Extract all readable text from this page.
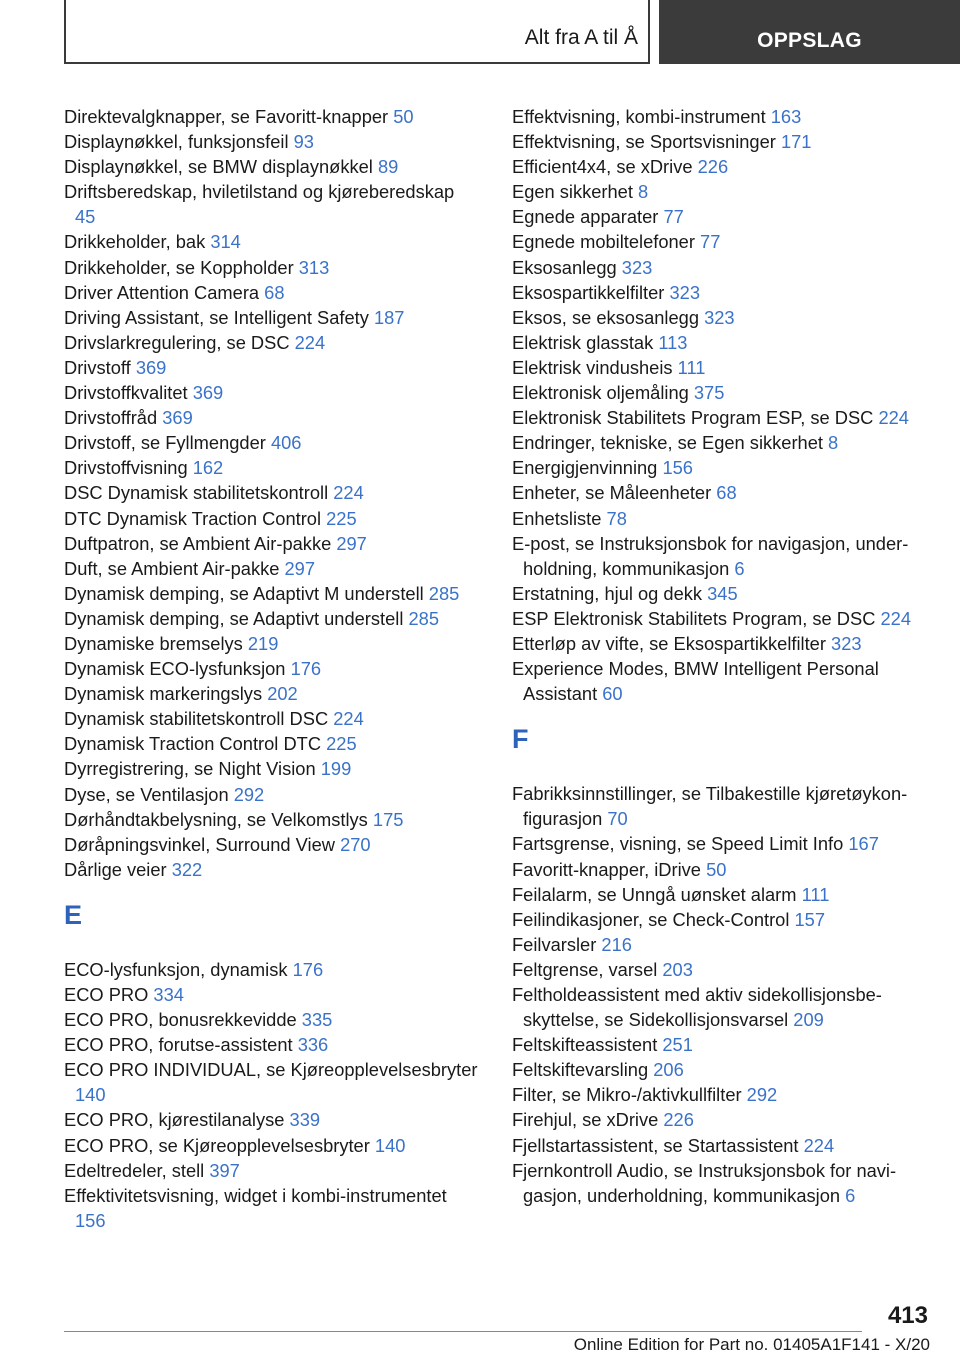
Alt fra A til Å	OPPSLAG
Direktevalgknapper, se Favoritt-knapper 50
Displaynøkkel, funksjonsfeil 93
Displaynøkkel, se BMW displaynøkkel 89
Driftsberedskap, hviletilstand og kjøreberedskap 45
Drikkeholder, bak 314
Drikkeholder, se Koppholder 313
Driver Attention Camera 68
Driving Assistant, se Intelligent Safety 187
Drivslarkregulering, se DSC 224
Drivstoff 369
Drivstoffkvalitet 369
Drivstoffråd 369
Drivstoff, se Fyllmengder 406
Drivstoffvisning 162
DSC Dynamisk stabilitetskontroll 224
DTC Dynamisk Traction Control 225
Duftpatron, se Ambient Air-pakke 297
Duft, se Ambient Air-pakke 297
Dynamisk demping, se Adaptivt M understell 285
Dynamisk demping, se Adaptivt understell 285
Dynamiske bremselys 219
Dynamisk ECO-lysfunksjon 176
Dynamisk markeringslys 202
Dynamisk stabilitetskontroll DSC 224
Dynamisk Traction Control DTC 225
Dyrregistrering, se Night Vision 199
Dyse, se Ventilasjon 292
Dørhåndtakbelysning, se Velkomstlys 175
Døråpningsvinkel, Surround View 270
Dårlige veier 322
E
ECO-lysfunksjon, dynamisk 176
ECO PRO 334
ECO PRO, bonusrekkevidde 335
ECO PRO, forutse-assistent 336
ECO PRO INDIVIDUAL, se Kjøreopplevelsesbryter 140
ECO PRO, kjørestilanalyse 339
ECO PRO, se Kjøreopplevelsesbryter 140
Edeltredeler, stell 397
Effektivitetsvisning, widget i kombi-instrumentet 156
Effektvisning, kombi-instrument 163
Effektvisning, se Sportsvisninger 171
Efficient4x4, se xDrive 226
Egen sikkerhet 8
Egnede apparater 77
Egnede mobiltelefoner 77
Eksosanlegg 323
Eksospartikkelfilter 323
Eksos, se eksosanlegg 323
Elektrisk glasstak 113
Elektrisk vindusheis 111
Elektronisk oljemåling 375
Elektronisk Stabilitets Program ESP, se DSC 224
Endringer, tekniske, se Egen sikkerhet 8
Energigjenvinning 156
Enheter, se Måleenheter 68
Enhetsliste 78
E-post, se Instruksjonsbok for navigasjon, underholdning, kommunikasjon 6
Erstatning, hjul og dekk 345
ESP Elektronisk Stabilitets Program, se DSC 224
Etterløp av vifte, se Eksospartikkelfilter 323
Experience Modes, BMW Intelligent Personal Assistant 60
F
Fabrikksinnstillinger, se Tilbakestille kjøretøykonfigurasjon 70
Fartsgrense, visning, se Speed Limit Info 167
Favoritt-knapper, iDrive 50
Feilalarm, se Unngå uønsket alarm 111
Feilindikasjoner, se Check-Control 157
Feilvarsler 216
Feltgrense, varsel 203
Feltholdeassistent med aktiv sidekollisjonsbeskyttelse, se Sidekollisjonsvarsel 209
Feltskifteassistent 251
Feltskiftevarsling 206
Filter, se Mikro-/aktivkullfilter 292
Firehjul, se xDrive 226
Fjellstartassistent, se Startassistent 224
Fjernkontroll Audio, se Instruksjonsbok for navigasjon, underholdning, kommunikasjon 6
413
Online Edition for Part no. 01405A1F141 - X/20
